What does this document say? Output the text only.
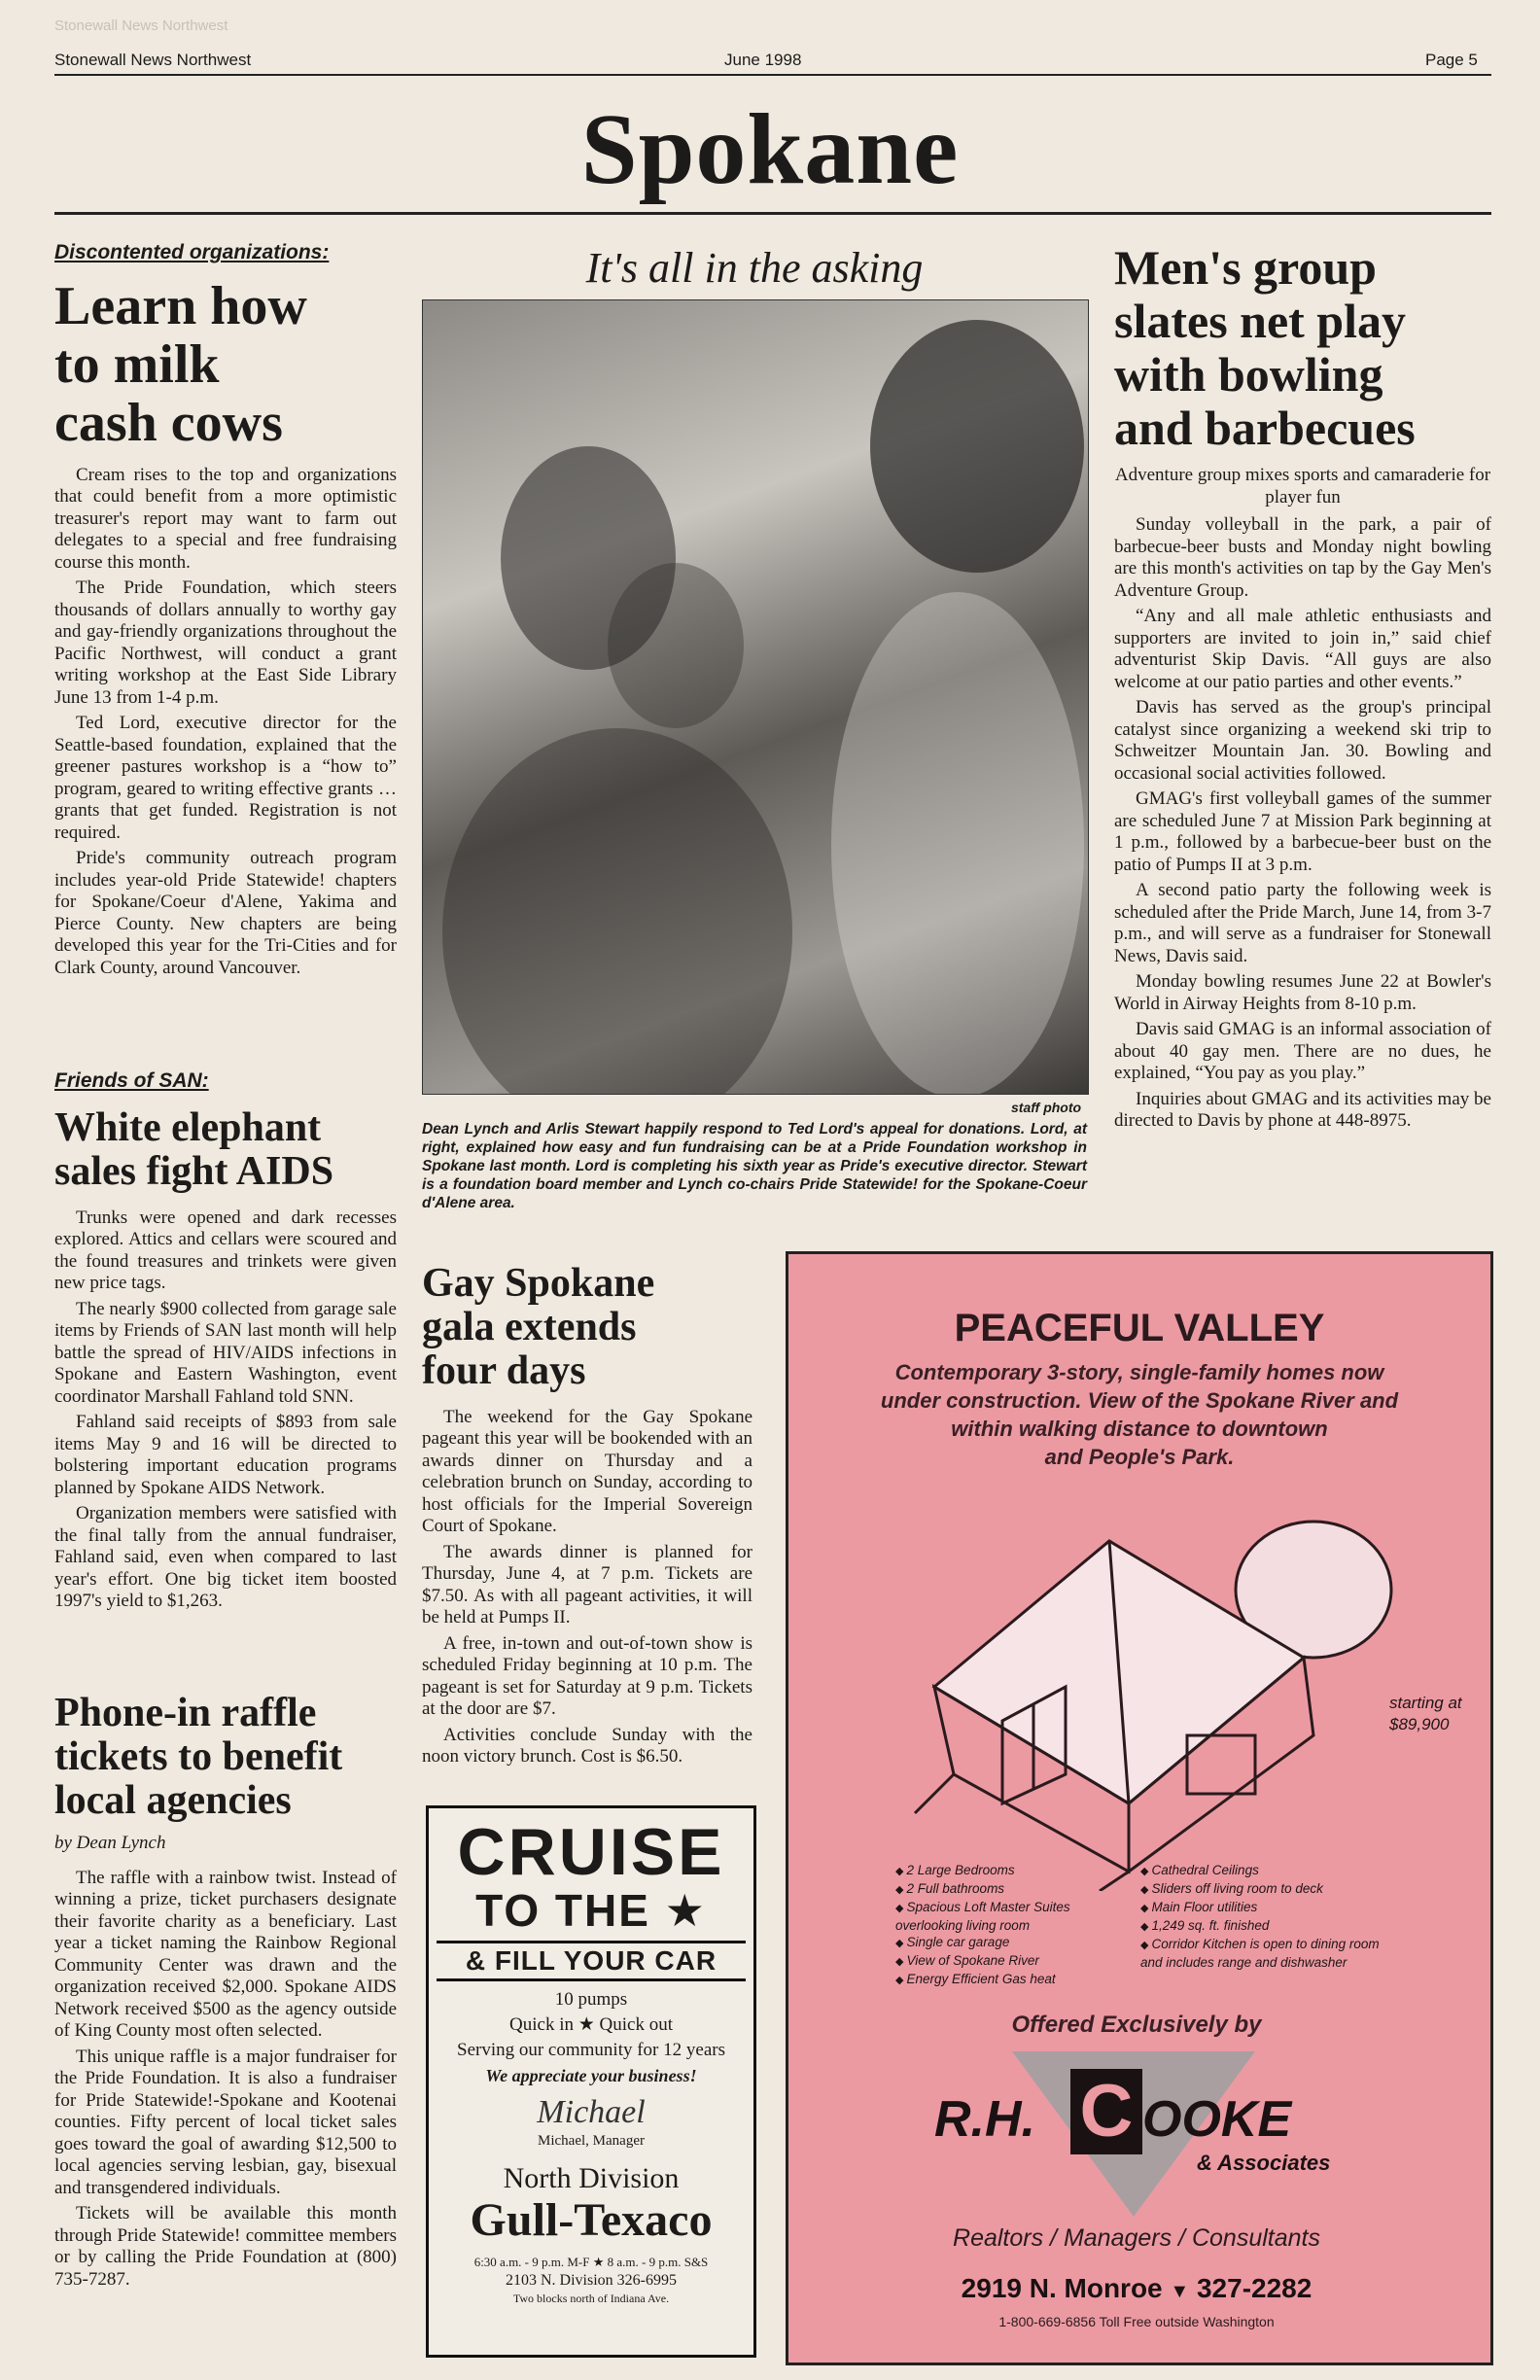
Stonewall News Northwest
Stonewall News Northwest	June 1998	Page 5
Spokane
Discontented organizations:
Learn how
to milk
cash cows

Cream rises to the top and organizations that could benefit from a more optimistic treasurer's report may want to farm out delegates to a special and free fundraising course this month.

The Pride Foundation, which steers thousands of dollars annually to worthy gay and gay-friendly organizations throughout the Pacific Northwest, will conduct a grant writing workshop at the East Side Library June 13 from 1-4 p.m.

Ted Lord, executive director for the Seattle-based foundation, explained that the greener pastures workshop is a “how to” program, geared to writing effective grants … grants that get funded. Registration is not required.

Pride's community outreach program includes year-old Pride Statewide! chapters for Spokane/Coeur d'Alene, Yakima and Pierce County. New chapters are being developed this year for the Tri-Cities and for Clark County, around Vancouver.

Friends of SAN:
White elephant
sales fight AIDS

Trunks were opened and dark recesses explored. Attics and cellars were scoured and the found treasures and trinkets were given new price tags.

The nearly $900 collected from garage sale items by Friends of SAN last month will help battle the spread of HIV/AIDS infections in Spokane and Eastern Washington, event coordinator Marshall Fahland told SNN.

Fahland said receipts of $893 from sale items May 9 and 16 will be directed to bolstering important education programs planned by Spokane AIDS Network.

Organization members were satisfied with the final tally from the annual fundraiser, Fahland said, even when compared to last year's effort. One big ticket item boosted 1997's yield to $1,263.

Phone-in raffle
tickets to benefit
local agencies
by Dean Lynch

The raffle with a rainbow twist. Instead of winning a prize, ticket purchasers designate their favorite charity as a beneficiary. Last year a ticket naming the Rainbow Regional Community Center was drawn and the organization received $2,000. Spokane AIDS Network received $500 as the agency outside of King County most often selected.

This unique raffle is a major fundraiser for the Pride Foundation. It is also a fundraiser for Pride Statewide!-Spokane and Kootenai counties. Fifty percent of local ticket sales goes toward the goal of awarding $12,500 to local agencies serving lesbian, gay, bisexual and transgendered individuals.

Tickets will be available this month through Pride Statewide! committee members or by calling the Pride Foundation at (800) 735-7287.

It's all in the asking
staff photo
Dean Lynch and Arlis Stewart happily respond to Ted Lord's appeal for donations. Lord, at right, explained how easy and fun fundraising can be at a Pride Foundation workshop in Spokane last month. Lord is completing his sixth year as Pride's executive director. Stewart is a foundation board member and Lynch co-chairs Pride Statewide! for the Spokane-Coeur d'Alene area.
Gay Spokane
gala extends
four days

The weekend for the Gay Spokane pageant this year will be bookended with an awards dinner on Thursday and a celebration brunch on Sunday, according to host officials for the Imperial Sovereign Court of Spokane.

The awards dinner is planned for Thursday, June 4, at 7 p.m. Tickets are $7.50. As with all pageant activities, it will be held at Pumps II.

A free, in-town and out-of-town show is scheduled Friday beginning at 10 p.m. The pageant is set for Saturday at 9 p.m. Tickets at the door are $7.

Activities conclude Sunday with the noon victory brunch. Cost is $6.50.

CRUISE
TO THE ★
& FILL YOUR CAR
10 pumps
Quick in ★ Quick out
Serving our community for 12 years
We appreciate your business!
Michael
Michael, Manager
North Division
Gull-Texaco
6:30 a.m. - 9 p.m. M-F ★ 8 a.m. - 9 p.m. S&S
2103 N. Division 326-6995
Two blocks north of Indiana Ave.
Men's group
slates net play
with bowling
and barbecues
Adventure group mixes sports and camaraderie for player fun

Sunday volleyball in the park, a pair of barbecue-beer busts and Monday night bowling are this month's activities on tap by the Gay Men's Adventure Group.

“Any and all male athletic enthusiasts and supporters are invited to join in,” said chief adventurist Skip Davis. “All guys are also welcome at our patio parties and other events.”

Davis has served as the group's principal catalyst since organizing a weekend ski trip to Schweitzer Mountain Jan. 30. Bowling and occasional social activities followed.

GMAG's first volleyball games of the summer are scheduled June 7 at Mission Park beginning at 1 p.m., followed by a barbecue-beer bust on the patio of Pumps II at 3 p.m.

A second patio party the following week is scheduled after the Pride March, June 14, from 3-7 p.m., and will serve as a fundraiser for Stonewall News, Davis said.

Monday bowling resumes June 22 at Bowler's World in Airway Heights from 8-10 p.m.

Davis said GMAG is an informal association of about 40 gay men. There are no dues, he explained, “You pay as you play.”

Inquiries about GMAG and its activities may be directed to Davis by phone at 448-8975.

PEACEFUL VALLEY
Contemporary 3-story, single-family homes now
under construction. View of the Spokane River and
within walking distance to downtown
and People's Park.
starting at
$89,900
◆ 2 Large Bedrooms
◆ 2 Full bathrooms
◆ Spacious Loft Master Suites overlooking living room
◆ Single car garage
◆ View of Spokane River
◆ Energy Efficient Gas heat
◆ Cathedral Ceilings
◆ Sliders off living room to deck
◆ Main Floor utilities
◆ 1,249 sq. ft. finished
◆ Corridor Kitchen is open to dining room and includes range and dishwasher
Offered Exclusively by
R.H. C OOKE
& Associates
Realtors / Managers / Consultants
2919 N. Monroe ▼ 327-2282
1-800-669-6856 Toll Free outside Washington
